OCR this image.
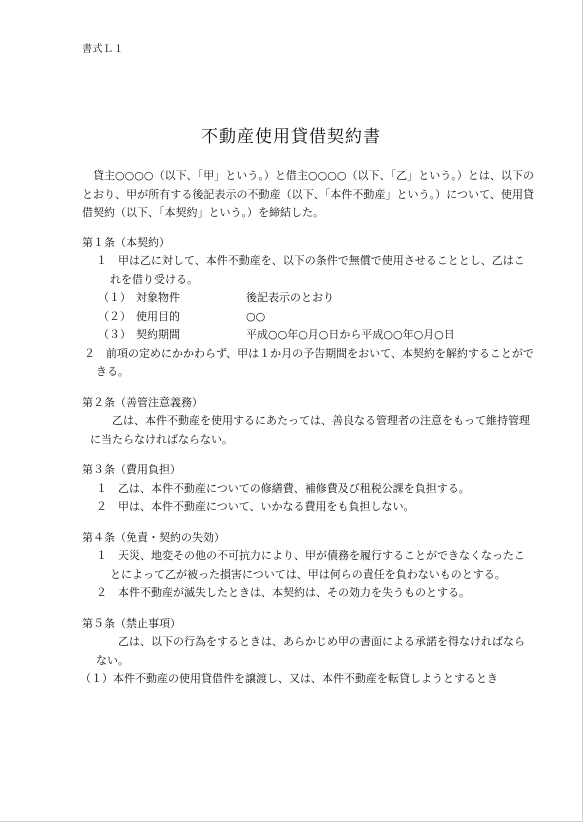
書式Ｌ１
不動産使用貸借契約書

貸主○○○○（以下、「甲」という。）と借主○○○○（以下、「乙」という。）とは、以下のとおり、甲が所有する後記表示の不動産（以下、「本件不動産」という。）について、使用貸借契約（以下、「本契約」という。）を締結した。

第１条（本契約）

１　甲は乙に対して、本件不動産を、以下の条件で無償で使用させることとし、乙はこれを借り受ける。

（１） 対象物件	後記表示のとおり
（２） 使用目的	○○
（３） 契約期間	平成○○年○月○日から平成○○年○月○日

２　前項の定めにかかわらず、甲は１か月の予告期間をおいて、本契約を解約することができる。

第２条（善管注意義務）

乙は、本件不動産を使用するにあたっては、善良なる管理者の注意をもって維持管理に当たらなければならない。

第３条（費用負担）

１　乙は、本件不動産についての修繕費、補修費及び租税公課を負担する。

２　甲は、本件不動産について、いかなる費用をも負担しない。

第４条（免責・契約の失効）

１　天災、地変その他の不可抗力により、甲が債務を履行することができなくなったことによって乙が被った損害については、甲は何らの責任を負わないものとする。

２　本件不動産が滅失したときは、本契約は、その効力を失うものとする。

第５条（禁止事項）

乙は、以下の行為をするときは、あらかじめ甲の書面による承諾を得なければならない。

（１）本件不動産の使用貸借件を譲渡し、又は、本件不動産を転貸しようとするとき
